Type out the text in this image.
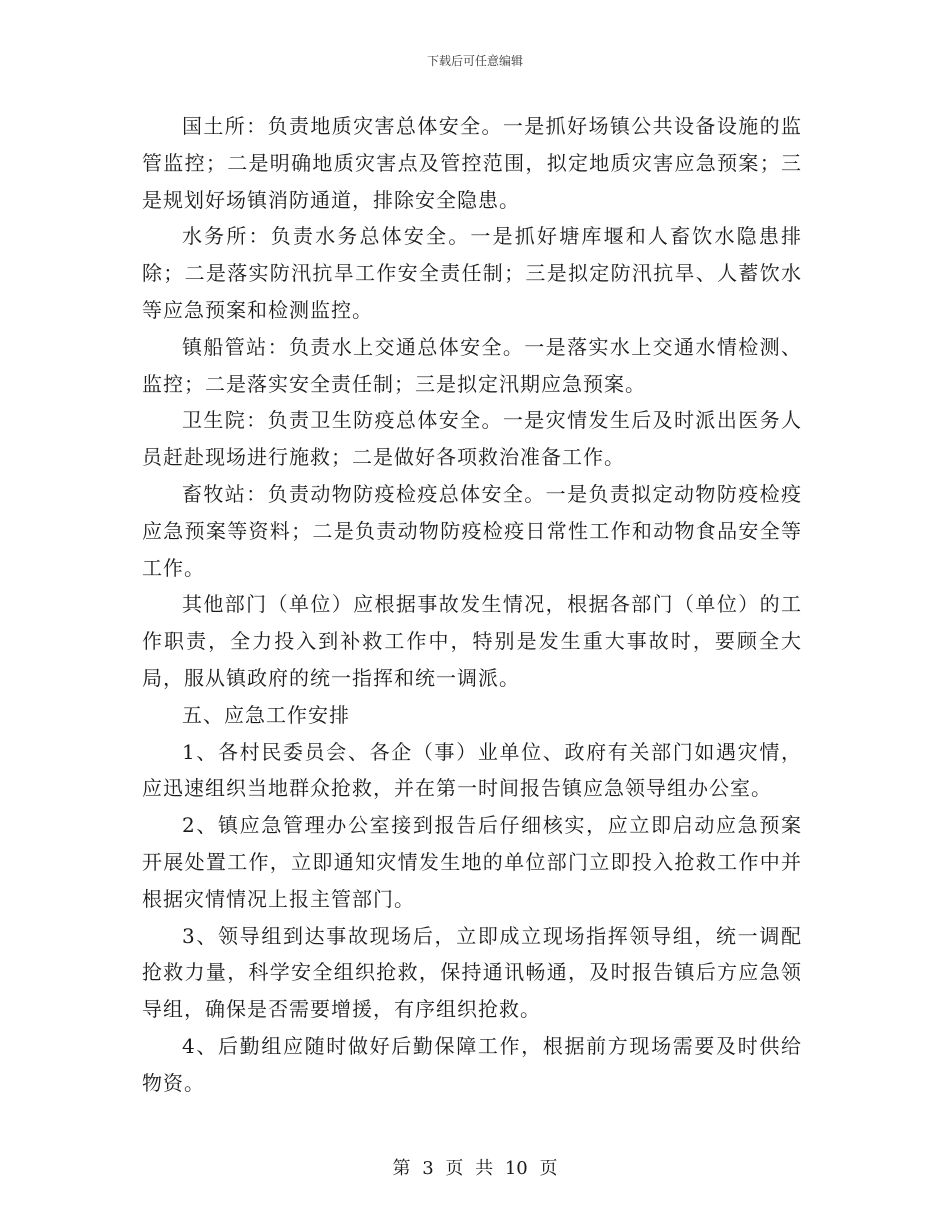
下载后可任意编辑

国土所：负责地质灾害总体安全。一是抓好场镇公共设备设施的监管监控；二是明确地质灾害点及管控范围，拟定地质灾害应急预案；三是规划好场镇消防通道，排除安全隐患。

水务所：负责水务总体安全。一是抓好塘库堰和人畜饮水隐患排除；二是落实防汛抗旱工作安全责任制；三是拟定防汛抗旱、人蓄饮水等应急预案和检测监控。

镇船管站：负责水上交通总体安全。一是落实水上交通水情检测、监控；二是落实安全责任制；三是拟定汛期应急预案。

卫生院：负责卫生防疫总体安全。一是灾情发生后及时派出医务人员赶赴现场进行施救；二是做好各项救治准备工作。

畜牧站：负责动物防疫检疫总体安全。一是负责拟定动物防疫检疫应急预案等资料；二是负责动物防疫检疫日常性工作和动物食品安全等工作。

其他部门（单位）应根据事故发生情况，根据各部门（单位）的工作职责，全力投入到补救工作中，特别是发生重大事故时，要顾全大局，服从镇政府的统一指挥和统一调派。

五、应急工作安排

1、各村民委员会、各企（事）业单位、政府有关部门如遇灾情，应迅速组织当地群众抢救，并在第一时间报告镇应急领导组办公室。

2、镇应急管理办公室接到报告后仔细核实，应立即启动应急预案开展处置工作，立即通知灾情发生地的单位部门立即投入抢救工作中并根据灾情情况上报主管部门。

3、领导组到达事故现场后，立即成立现场指挥领导组，统一调配抢救力量，科学安全组织抢救，保持通讯畅通，及时报告镇后方应急领导组，确保是否需要增援，有序组织抢救。

4、后勤组应随时做好后勤保障工作，根据前方现场需要及时供给物资。

第 3 页 共 10 页
